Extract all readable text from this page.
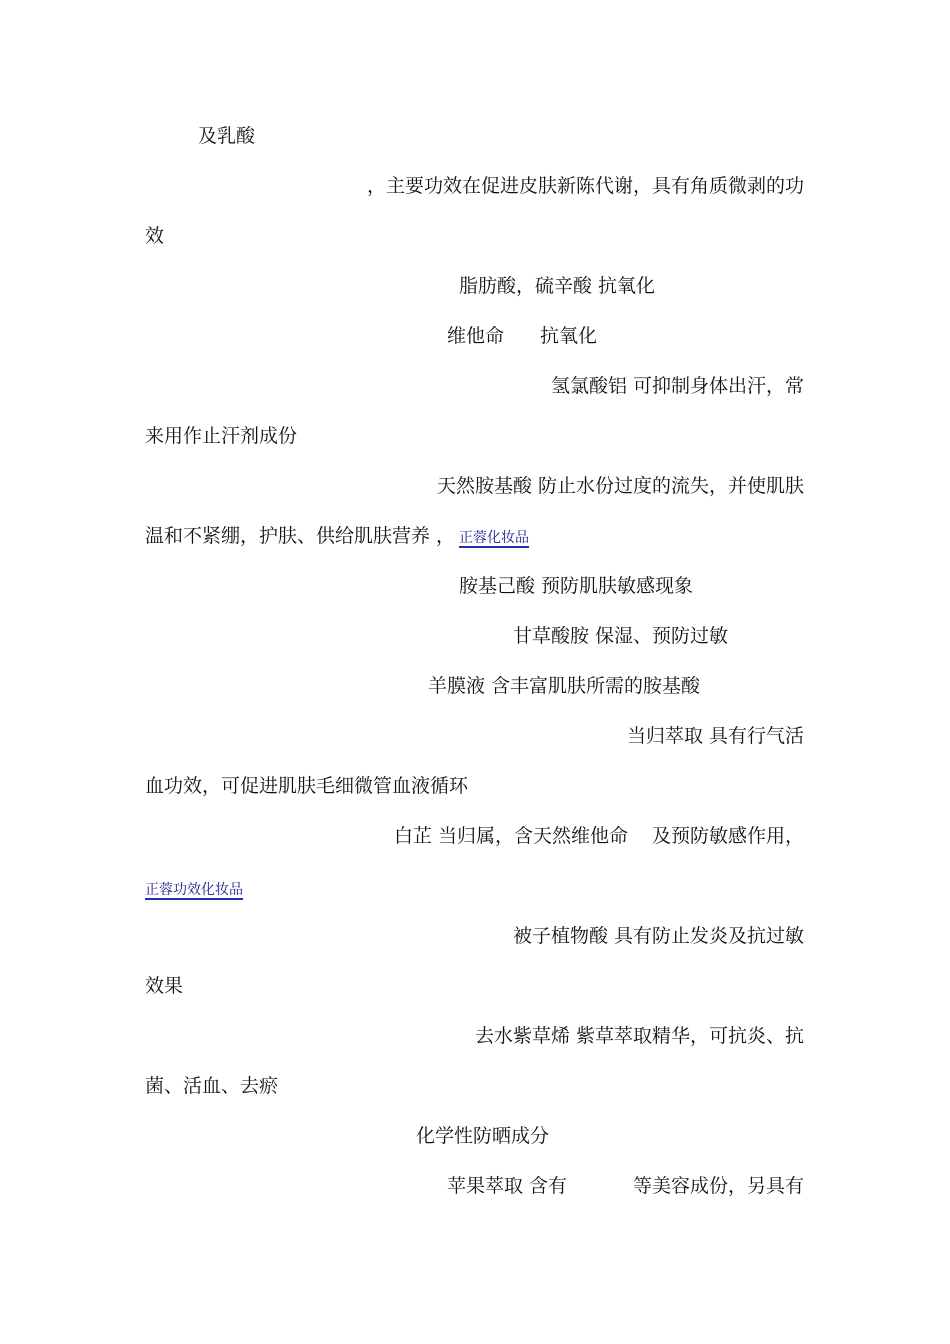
及乳酸
，主要功效在促进皮肤新陈代谢，具有角质微剥的功
效
脂肪酸，硫辛酸 抗氧化
维他命 抗氧化
氢氯酸铝 可抑制身体出汗，常
来用作止汗剂成份
天然胺基酸 防止水份过度的流失，并使肌肤
温和不紧绷，护肤、供给肌肤营养 ， 正蓉化妆品
胺基己酸 预防肌肤敏感现象
甘草酸胺 保湿、预防过敏
羊膜液 含丰富肌肤所需的胺基酸
当归萃取 具有行气活
血功效，可促进肌肤毛细微管血液循环
白芷 当归属，含天然维他命 及预防敏感作用，
正蓉功效化妆品
被子植物酸 具有防止发炎及抗过敏
效果
去水紫草烯 紫草萃取精华，可抗炎、抗
菌、活血、去瘀
化学性防晒成分
苹果萃取 含有	等美容成份，另具有
